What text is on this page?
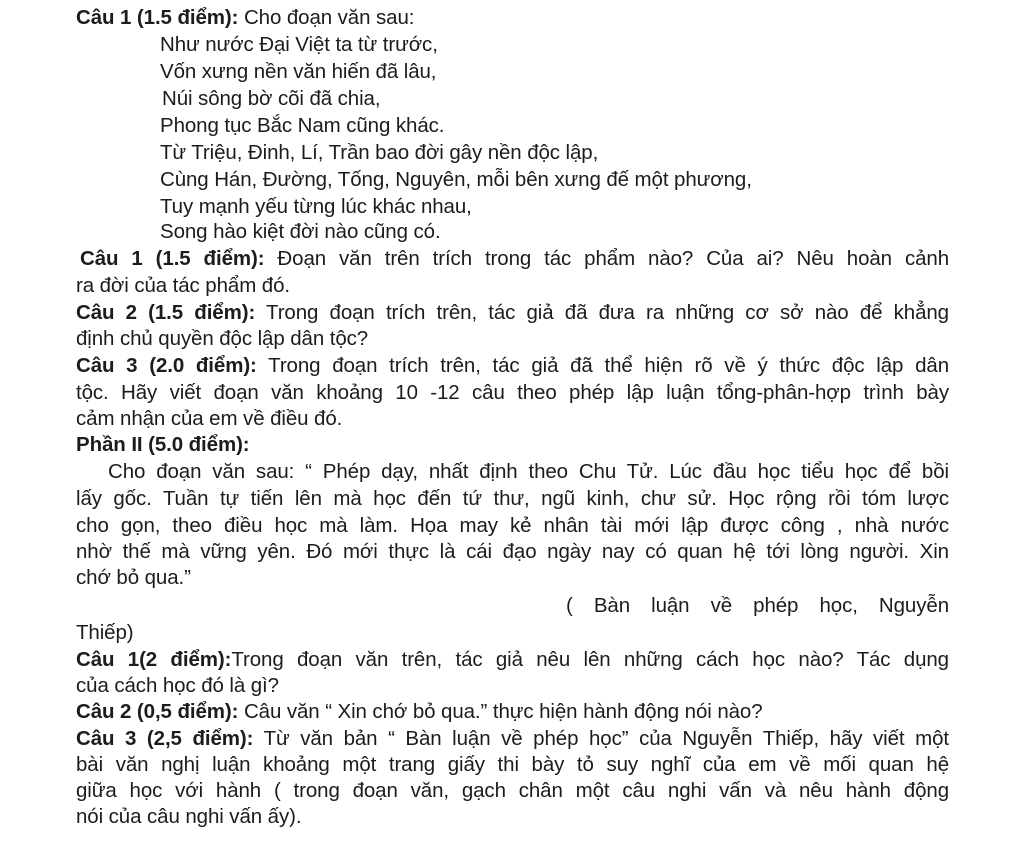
Câu 1 (1.5 điểm): Cho đoạn văn sau:
Như nước Đại Việt ta từ trước,
Vốn xưng nền văn hiến đã lâu,
Núi sông bờ cõi đã chia,
Phong tục Bắc Nam cũng khác.
Từ Triệu, Đinh, Lí, Trần bao đời gây nền độc lập,
Cùng Hán, Đường, Tống, Nguyên, mỗi bên xưng đế một phương,
Tuy mạnh yếu từng lúc khác nhau,
Song hào kiệt đời nào cũng có.
Câu 1 (1.5 điểm): Đoạn văn trên trích trong tác phẩm nào? Của ai? Nêu hoàn cảnh
ra đời của tác phẩm đó.
Câu 2 (1.5 điểm): Trong đoạn trích trên, tác giả đã đưa ra những cơ sở nào để khẳng
định chủ quyền độc lập dân tộc?
Câu 3 (2.0 điểm): Trong đoạn trích trên, tác giả đã thể hiện rõ về ý thức độc lập dân
tộc. Hãy viết đoạn văn khoảng 10 -12 câu theo phép lập luận tổng-phân-hợp trình bày
cảm nhận của em về điều đó.
Phần II (5.0 điểm):
Cho đoạn văn sau: “ Phép dạy, nhất định theo Chu Tử. Lúc đầu học tiểu học để bồi
lấy gốc. Tuần tự tiến lên mà học đến tứ thư, ngũ kinh, chư sử. Học rộng rồi tóm lược
cho gọn, theo điều học mà làm. Họa may kẻ nhân tài mới lập được công , nhà nước
nhờ thế mà vững yên. Đó mới thực là cái đạo ngày nay có quan hệ tới lòng người. Xin
chớ bỏ qua.”
( Bàn luận về phép học, Nguyễn
Thiếp)
Câu 1(2 điểm):Trong đoạn văn trên, tác giả nêu lên những cách học nào? Tác dụng
của cách học đó là gì?
Câu 2 (0,5 điểm): Câu văn “ Xin chớ bỏ qua.” thực hiện hành động nói nào?
Câu 3 (2,5 điểm): Từ văn bản “ Bàn luận về phép học” của Nguyễn Thiếp, hãy viết một
bài văn nghị luận khoảng một trang giấy thi bày tỏ suy nghĩ của em về mối quan hệ
giữa học với hành ( trong đoạn văn, gạch chân một câu nghi vấn và nêu hành động
nói của câu nghi vấn ấy).
